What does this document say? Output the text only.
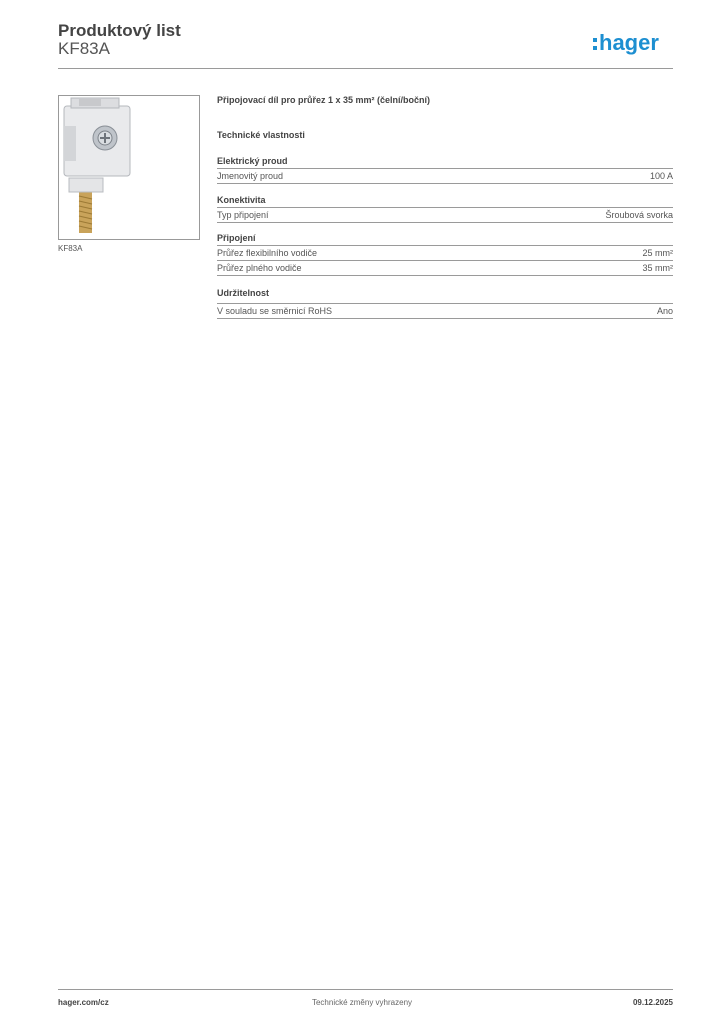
Produktový list
KF83A	hager
KF83A
Připojovací díl pro průřez 1 x 35 mm² (čelní/boční)
Technické vlastnosti
Elektrický proud
Jmenovitý proud	100 A
Konektivita
Typ připojení	Šroubová svorka
Připojení
Průřez flexibilního vodiče	25 mm²
Průřez plného vodiče	35 mm²
Udržitelnost
V souladu se směrnicí RoHS	Ano
hager.com/cz	Technické změny vyhrazeny	09.12.2025
